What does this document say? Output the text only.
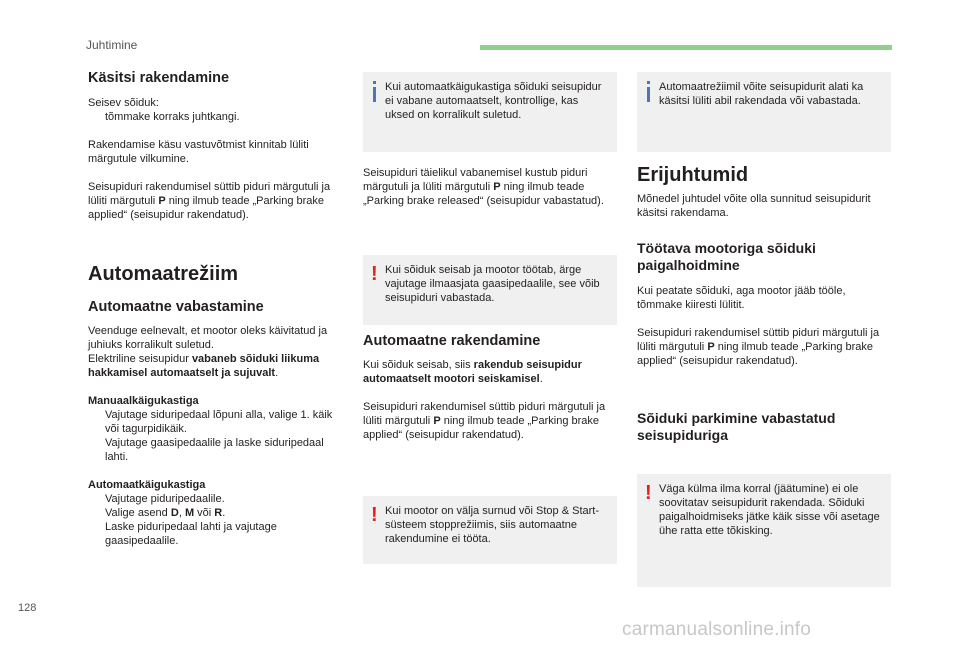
Juhtimine

Käsitsi rakendamine

Seisev sõiduk:

tõmmake korraks juhtkangi.

Rakendamise käsu vastuvõtmist kinnitab lüliti märgutule vilkumine.

Seisupiduri rakendumisel süttib piduri märgutuli ja lüliti märgutuli P ning ilmub teade „Parking brake applied“ (seisupidur rakendatud).

Automaatrežiim

Automaatne vabastamine

Veenduge eelnevalt, et mootor oleks käivitatud ja juhiuks korralikult suletud.

Elektriline seisupidur vabaneb sõiduki liikuma hakkamisel automaatselt ja sujuvalt.

Manuaalkäigukastiga

Vajutage siduripedaal lõpuni alla, valige 1. käik või tagurpidikäik.

Vajutage gaasipedaalile ja laske siduripedaal lahti.

Automaatkäigukastiga

Vajutage piduripedaalile.

Valige asend D, M või R.

Laske piduripedaal lahti ja vajutage gaasipedaalile.

Kui automaatkäigukastiga sõiduki seisupidur ei vabane automaatselt, kontrollige, kas uksed on korralikult suletud.

Seisupiduri täielikul vabanemisel kustub piduri märgutuli ja lüliti märgutuli P ning ilmub teade „Parking brake released“ (seisupidur vabastatud).

! Kui sõiduk seisab ja mootor töötab, ärge vajutage ilmaasjata gaasipedaalile, see võib seisupiduri vabastada.

Automaatne rakendamine

Kui sõiduk seisab, siis rakendub seisupidur automaatselt mootori seiskamisel.

Seisupiduri rakendumisel süttib piduri märgutuli ja lüliti märgutuli P ning ilmub teade „Parking brake applied“ (seisupidur rakendatud).

! Kui mootor on välja surnud või Stop & Start-süsteem stopprežiimis, siis automaatne rakendumine ei tööta.

Automaatrežiimil võite seisupidurit alati ka käsitsi lüliti abil rakendada või vabastada.

Erijuhtumid

Mõnedel juhtudel võite olla sunnitud seisupidurit käsitsi rakendama.

Töötava mootoriga sõiduki paigalhoidmine

Kui peatate sõiduki, aga mootor jääb tööle, tõmmake kiiresti lülitit.

Seisupiduri rakendumisel süttib piduri märgutuli ja lüliti märgutuli P ning ilmub teade „Parking brake applied“ (seisupidur rakendatud).

Sõiduki parkimine vabastatud seisupiduriga

! Väga külma ilma korral (jäätumine) ei ole soovitatav seisupidurit rakendada. Sõiduki paigalhoidmiseks jätke käik sisse või asetage ühe ratta ette tõkisking.

128
carmanualsonline.info
